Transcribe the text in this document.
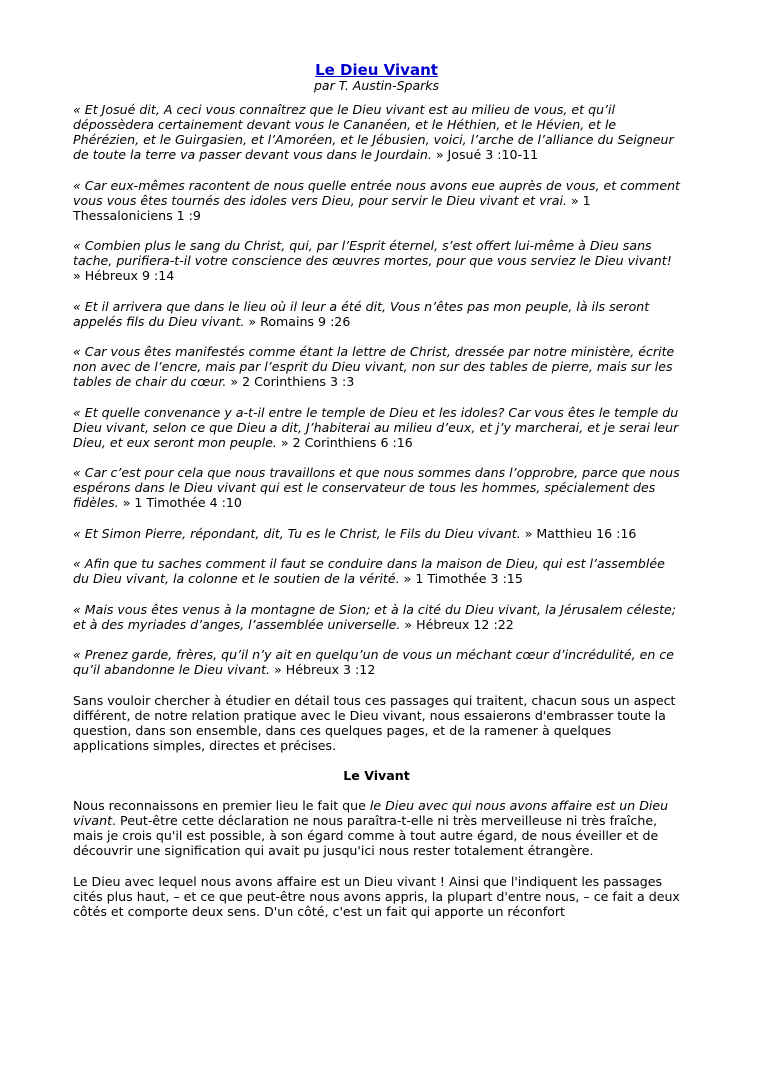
Le Dieu Vivant
par T. Austin-Sparks

« Et Josué dit, A ceci vous connaîtrez que le Dieu vivant est au milieu de vous, et qu’il dépossèdera certainement devant vous le Cananéen, et le Héthien, et le Hévien, et le Phérézien, et le Guirgasien, et l’Amoréen, et le Jébusien, voici, l’arche de l’alliance du Seigneur de toute la terre va passer devant vous dans le Jourdain. » Josué 3 :10-11

« Car eux-mêmes racontent de nous quelle entrée nous avons eue auprès de vous, et comment vous vous êtes tournés des idoles vers Dieu, pour servir le Dieu vivant et vrai. » 1 Thessaloniciens 1 :9

« Combien plus le sang du Christ, qui, par l’Esprit éternel, s’est offert lui-même à Dieu sans tache, purifiera-t-il votre conscience des œuvres mortes, pour que vous serviez le Dieu vivant! » Hébreux 9 :14

« Et il arrivera que dans le lieu où il leur a été dit, Vous n’êtes pas mon peuple, là ils seront appelés fils du Dieu vivant. » Romains 9 :26

« Car vous êtes manifestés comme étant la lettre de Christ, dressée par notre ministère, écrite non avec de l’encre, mais par l’esprit du Dieu vivant, non sur des tables de pierre, mais sur les tables de chair du cœur. » 2 Corinthiens 3 :3

« Et quelle convenance y a-t-il entre le temple de Dieu et les idoles? Car vous êtes le temple du Dieu vivant, selon ce que Dieu a dit, J’habiterai au milieu d’eux, et j’y marcherai, et je serai leur Dieu, et eux seront mon peuple. » 2 Corinthiens 6 :16

« Car c’est pour cela que nous travaillons et que nous sommes dans l’opprobre, parce que nous espérons dans le Dieu vivant qui est le conservateur de tous les hommes, spécialement des fidèles. » 1 Timothée 4 :10

« Et Simon Pierre, répondant, dit, Tu es le Christ, le Fils du Dieu vivant. » Matthieu 16 :16

« Afin que tu saches comment il faut se conduire dans la maison de Dieu, qui est l’assemblée du Dieu vivant, la colonne et le soutien de la vérité. » 1 Timothée 3 :15

« Mais vous êtes venus à la montagne de Sion; et à la cité du Dieu vivant, la Jérusalem céleste; et à des myriades d’anges, l’assemblée universelle. » Hébreux 12 :22

« Prenez garde, frères, qu’il n’y ait en quelqu’un de vous un méchant cœur d’incrédulité, en ce qu’il abandonne le Dieu vivant. » Hébreux 3 :12

Sans vouloir chercher à étudier en détail tous ces passages qui traitent, chacun sous un aspect différent, de notre relation pratique avec le Dieu vivant, nous essaierons d'embrasser toute la question, dans son ensemble, dans ces quelques pages, et de la ramener à quelques applications simples, directes et précises.

Le Vivant

Nous reconnaissons en premier lieu le fait que le Dieu avec qui nous avons affaire est un Dieu vivant. Peut-être cette déclaration ne nous paraîtra-t-elle ni très merveilleuse ni très fraîche, mais je crois qu'il est possible, à son égard comme à tout autre égard, de nous éveiller et de découvrir une signification qui avait pu jusqu'ici nous rester totalement étrangère.

Le Dieu avec lequel nous avons affaire est un Dieu vivant ! Ainsi que l'indiquent les passages cités plus haut, – et ce que peut-être nous avons appris, la plupart d'entre nous, – ce fait a deux côtés et comporte deux sens. D'un côté, c'est un fait qui apporte un réconfort
